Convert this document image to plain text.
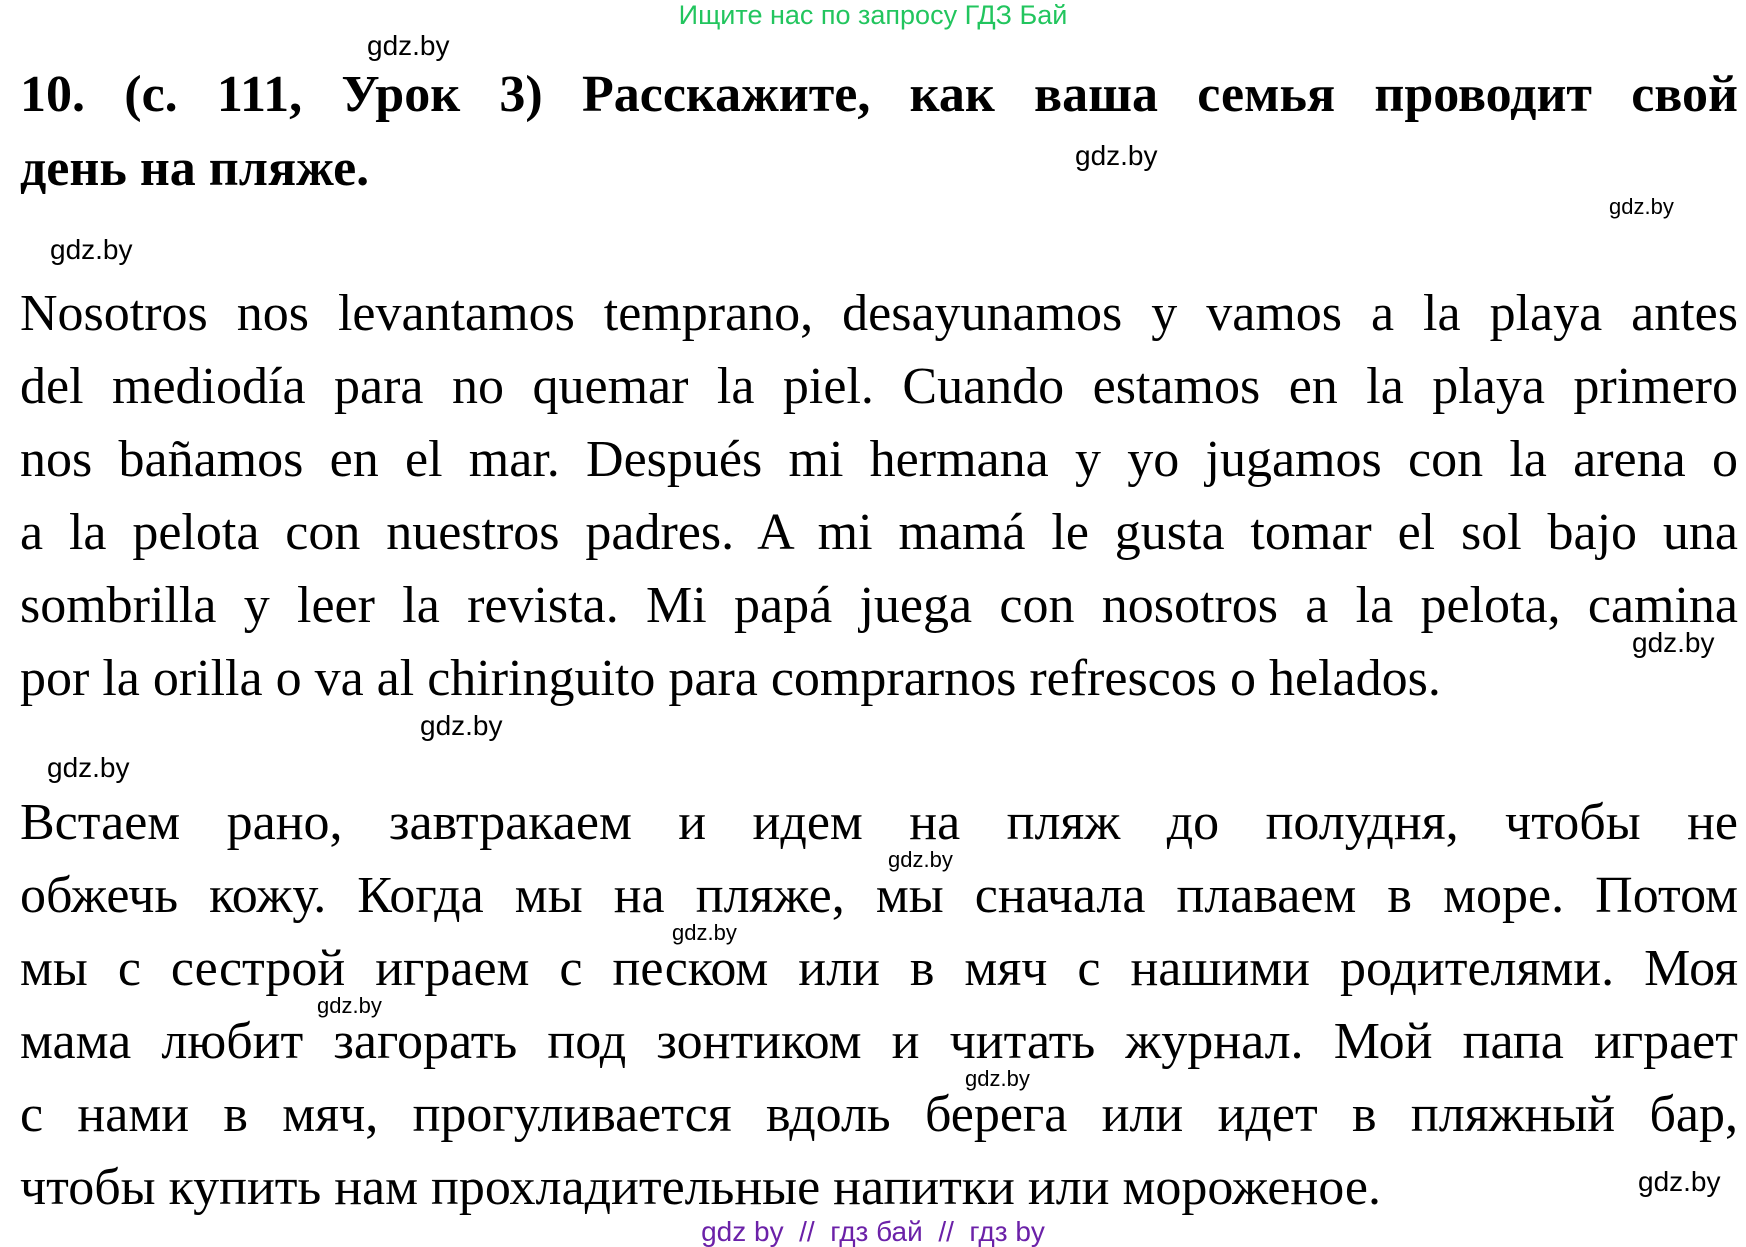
Ищите нас по запросу ГДЗ Бай
10. (с. 111, Урок 3) Расскажите, как ваша семья проводит свой
день на пляже.
Nosotros nos levantamos temprano, desayunamos y vamos a la playa antes
del mediodía para no quemar la piel. Cuando estamos en la playa primero
nos bañamos en el mar. Después mi hermana y yo jugamos con la arena o
a la pelota con nuestros padres. A mi mamá le gusta tomar el sol bajo una
sombrilla y leer la revista. Mi papá juega con nosotros a la pelota, camina
por la orilla o va al chiringuito para comprarnos refrescos o helados.
Встаем рано, завтракаем и идем на пляж до полудня, чтобы не
обжечь кожу. Когда мы на пляже, мы сначала плаваем в море. Потом
мы с сестрой играем с песком или в мяч с нашими родителями. Моя
мама любит загорать под зонтиком и читать журнал. Мой папа играет
с нами в мяч, прогуливается вдоль берега или идет в пляжный бар,
чтобы купить нам прохладительные напитки или мороженое.
gdz.by
gdz.by
gdz.by
gdz.by
gdz.by
gdz.by
gdz.by
gdz.by
gdz.by
gdz.by
gdz.by
gdz.by
gdz by  //  гдз бай  //  гдз by
